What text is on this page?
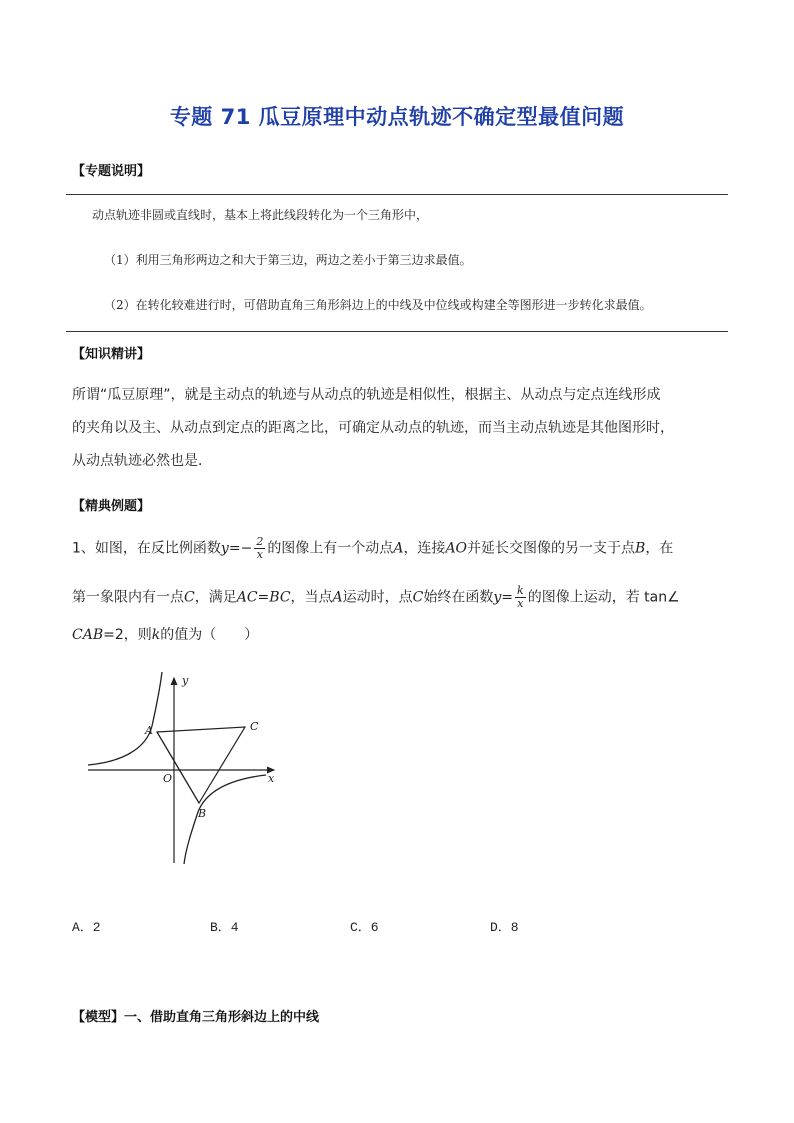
专题 71 瓜豆原理中动点轨迹不确定型最值问题
【专题说明】
动点轨迹非圆或直线时，基本上将此线段转化为一个三角形中，
（1）利用三角形两边之和大于第三边，两边之差小于第三边求最值。
（2）在转化较难进行时，可借助直角三角形斜边上的中线及中位线或构建全等图形进一步转化求最值。
【知识精讲】
所谓“瓜豆原理”，就是主动点的轨迹与从动点的轨迹是相似性，根据主、从动点与定点连线形成
的夹角以及主、从动点到定点的距离之比，可确定从动点的轨迹，而当主动点轨迹是其他图形时，
从动点轨迹必然也是．
【精典例题】
1、如图，在反比例函数$y=- \frac{2}{x}$ 的图像上有一个动点A，连接AO并延长交图像的另一支于点B，在
第一象限内有一点C，满足AC=BC，当点A运动时，点C始终在函数$y= \frac{k}{x}$ 的图像上运动，若 tan∠
CAB=2，则k的值为（　　）
y
x
A	C
O
B
A．2	B．4	C．6	D．8
【模型】一、借助直角三角形斜边上的中线
